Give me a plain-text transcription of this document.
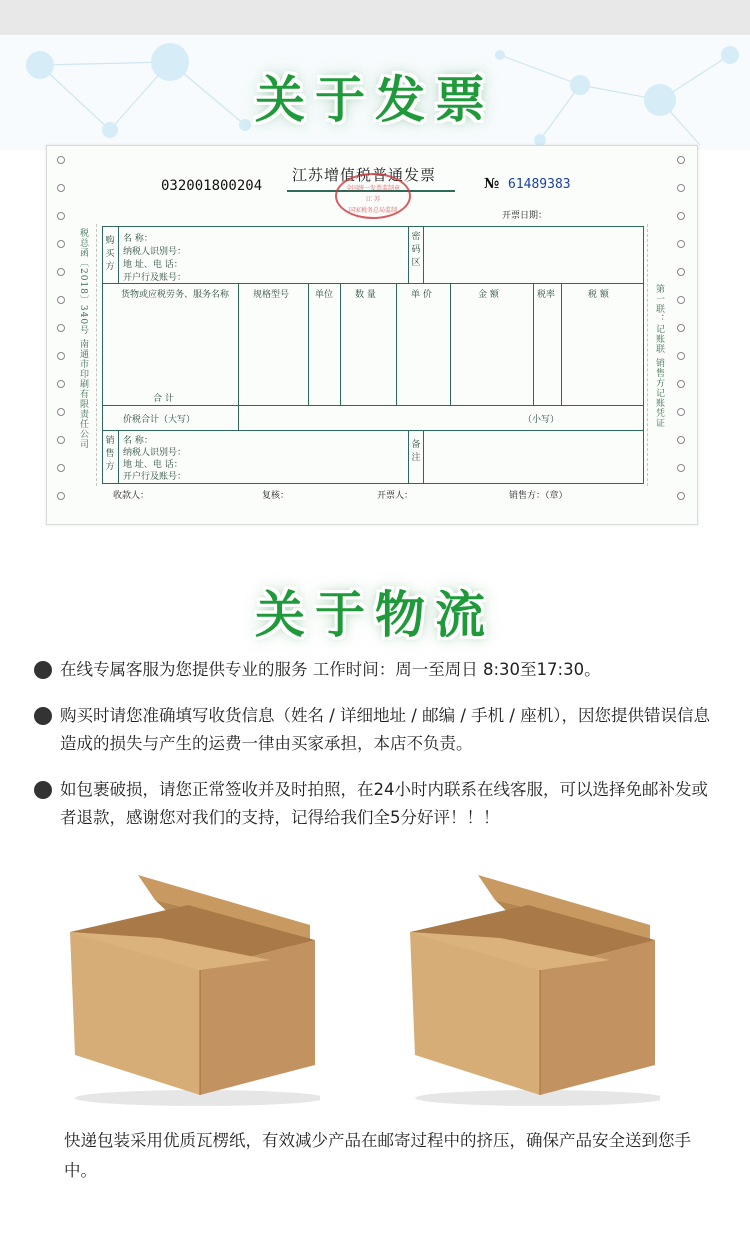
关于发票
税总函〔2018〕340号 南通市印刷有限责任公司	第一联：记账联 销售方记账凭证
032001800204
江苏增值税普通发票
全国统一发票监制章
江 苏
国家税务总局监制
№ 61489383
开票日期：
购买方
名 称：
纳税人识别号：
地 址、电 话：
开户行及账号：
密码区
货物或应税劳务、服务名称	规格型号	单位 数 量	单 价	金 额	税率	税 额
合 计
价税合计（大写）	（小写）
销售方
名 称：
纳税人识别号：
地 址、电 话：
开户行及账号：
备注
收款人：	复核：	开票人：	销售方：（章）
关于物流
在线专属客服为您提供专业的服务 工作时间：周一至周日 8:30至17:30。
购买时请您准确填写收货信息（姓名 / 详细地址 / 邮编 / 手机 / 座机），因您提供错误信息造成的损失与产生的运费一律由买家承担，本店不负责。
如包裹破损，请您正常签收并及时拍照，在24小时内联系在线客服，可以选择免邮补发或者退款，感谢您对我们的支持，记得给我们全5分好评！！！
快递包装采用优质瓦楞纸，有效减少产品在邮寄过程中的挤压，确保产品安全送到您手中。
